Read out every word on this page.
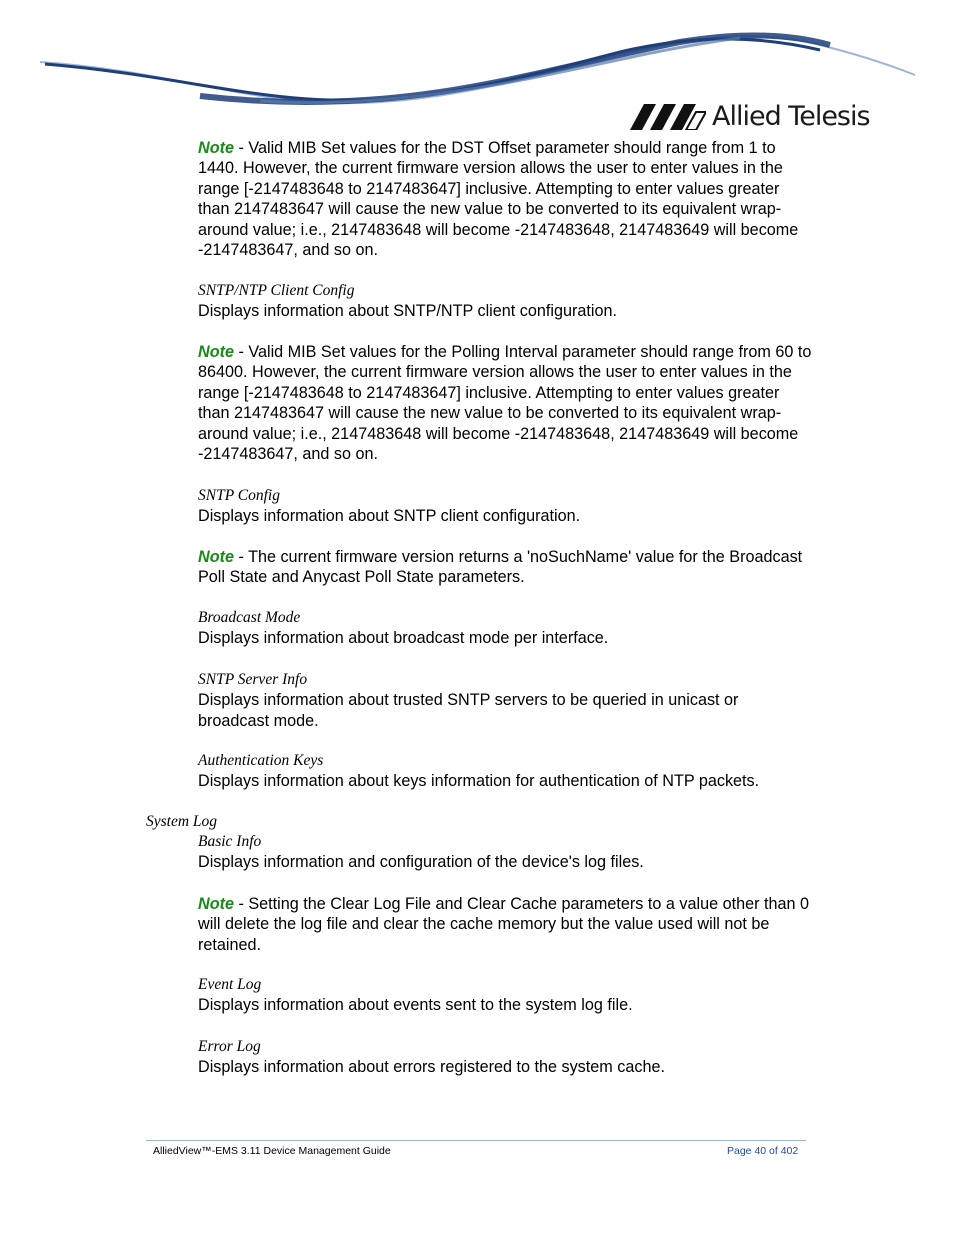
Allied Telesis

Note - Valid MIB Set values for the DST Offset parameter should range from 1 to 1440. However, the current firmware version allows the user to enter values in the range [-2147483648 to 2147483647] inclusive. Attempting to enter values greater than 2147483647 will cause the new value to be converted to its equivalent wrap-around value; i.e., 2147483648 will become -2147483648, 2147483649 will become -2147483647, and so on.

SNTP/NTP Client Config

Displays information about SNTP/NTP client configuration.

Note - Valid MIB Set values for the Polling Interval parameter should range from 60 to 86400. However, the current firmware version allows the user to enter values in the range [-2147483648 to 2147483647] inclusive. Attempting to enter values greater than 2147483647 will cause the new value to be converted to its equivalent wrap-around value; i.e., 2147483648 will become -2147483648, 2147483649 will become -2147483647, and so on.

SNTP Config

Displays information about SNTP client configuration.

Note - The current firmware version returns a 'noSuchName' value for the Broadcast Poll State and Anycast Poll State parameters.

Broadcast Mode

Displays information about broadcast mode per interface.

SNTP Server Info

Displays information about trusted SNTP servers to be queried in unicast or broadcast mode.

Authentication Keys

Displays information about keys information for authentication of NTP packets.

System Log

Basic Info

Displays information and configuration of the device's log files.

Note - Setting the Clear Log File and Clear Cache parameters to a value other than 0 will delete the log file and clear the cache memory but the value used will not be retained.

Event Log

Displays information about events sent to the system log file.

Error Log

Displays information about errors registered to the system cache.

AlliedView™-EMS 3.11 Device Management Guide	Page 40 of 402
